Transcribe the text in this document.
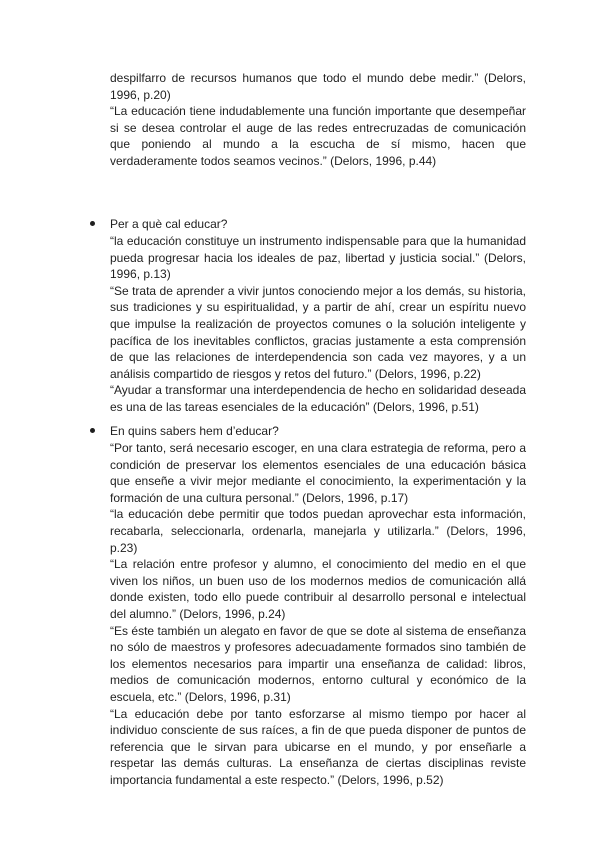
despilfarro de recursos humanos que todo el mundo debe medir.” (Delors, 1996, p.20)

“La educación tiene indudablemente una función importante que desempeñar si se desea controlar el auge de las redes entrecruzadas de comunicación que poniendo al mundo a la escucha de sí mismo, hacen que verdaderamente todos seamos vecinos.” (Delors, 1996, p.44)

Per a què cal educar?

“la educación constituye un instrumento indispensable para que la humanidad pueda progresar hacia los ideales de paz, libertad y justicia social.” (Delors, 1996, p.13)

“Se trata de aprender a vivir juntos conociendo mejor a los demás, su historia, sus tradiciones y su espiritualidad, y a partir de ahí, crear un espíritu nuevo que impulse la realización de proyectos comunes o la solución inteligente y pacífica de los inevitables conflictos, gracias justamente a esta comprensión de que las relaciones de interdependencia son cada vez mayores, y a un análisis compartido de riesgos y retos del futuro.” (Delors, 1996, p.22)

“Ayudar a transformar una interdependencia de hecho en solidaridad deseada es una de las tareas esenciales de la educación” (Delors, 1996, p.51)

En quins sabers hem d’educar?

“Por tanto, será necesario escoger, en una clara estrategia de reforma, pero a condición de preservar los elementos esenciales de una educación básica que enseñe a vivir mejor mediante el conocimiento, la experimentación y la formación de una cultura personal.” (Delors, 1996, p.17)

“la educación debe permitir que todos puedan aprovechar esta información, recabarla, seleccionarla, ordenarla, manejarla y utilizarla.” (Delors, 1996, p.23)

“La relación entre profesor y alumno, el conocimiento del medio en el que viven los niños, un buen uso de los modernos medios de comunicación allá donde existen, todo ello puede contribuir al desarrollo personal e intelectual del alumno.” (Delors, 1996, p.24)

“Es éste también un alegato en favor de que se dote al sistema de enseñanza no sólo de maestros y profesores adecuadamente formados sino también de los elementos necesarios para impartir una enseñanza de calidad: libros, medios de comunicación modernos, entorno cultural y económico de la escuela, etc.” (Delors, 1996, p.31)

“La educación debe por tanto esforzarse al mismo tiempo por hacer al individuo consciente de sus raíces, a fin de que pueda disponer de puntos de referencia que le sirvan para ubicarse en el mundo, y por enseñarle a respetar las demás culturas. La enseñanza de ciertas disciplinas reviste importancia fundamental a este respecto.” (Delors, 1996, p.52)
